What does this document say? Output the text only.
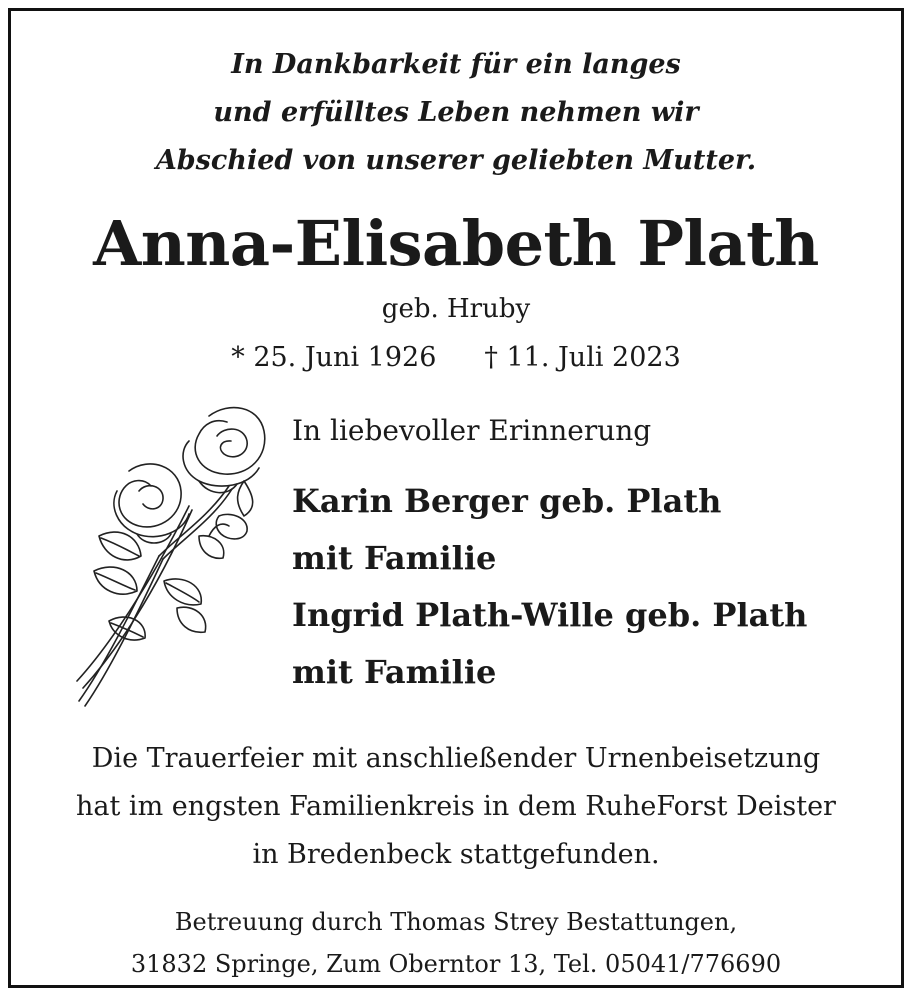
In Dankbarkeit für ein langes
und erfülltes Leben nehmen wir
Abschied von unserer geliebten Mutter.
Anna-Elisabeth Plath
geb. Hruby
* 25. Juni 1926 † 11. Juli 2023
In liebevoller Erinnerung
Karin Berger geb. Plath
mit Familie
Ingrid Plath-Wille geb. Plath
mit Familie
Die Trauerfeier mit anschließender Urnenbeisetzung
hat im engsten Familienkreis in dem RuheForst Deister
in Bredenbeck stattgefunden.
Betreuung durch Thomas Strey Bestattungen,
31832 Springe, Zum Oberntor 13, Tel. 05041/776690
